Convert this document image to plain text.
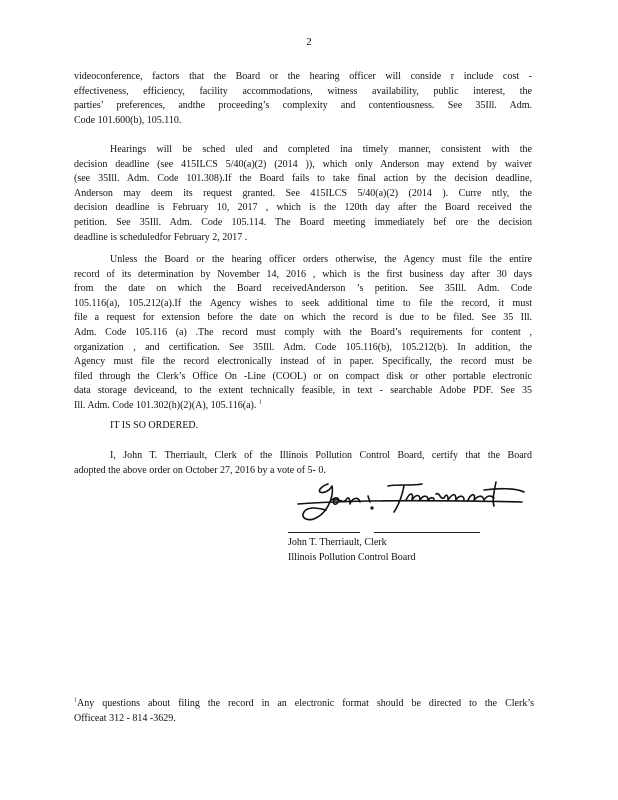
2
videoconference, factors that the Board or the hearing officer will conside r include cost -
effectiveness, efficiency, facility accommodations, witness availability, public interest, the
parties’ preferences, andthe proceeding’s complexity and contentiousness. See 35Ill. Adm.
Code 101.600(b), 105.110.
Hearings will be sched uled and completed ina timely manner, consistent with the
decision deadline (see 415ILCS 5/40(a)(2) (2014 )), which only Anderson may extend by waiver
(see 35Ill. Adm. Code 101.308).If the Board fails to take final action by the decision deadline,
Anderson may deem its request granted. See 415ILCS 5/40(a)(2) (2014 ). Curre ntly, the
decision deadline is February 10, 2017 , which is the 120th day after the Board received the
petition. See 35Ill. Adm. Code 105.114. The Board meeting immediately bef ore the decision
deadline is scheduledfor February 2, 2017 .
Unless the Board or the hearing officer orders otherwise, the Agency must file the entire
record of its determination by November 14, 2016 , which is the first business day after 30 days
from the date on which the Board receivedAnderson ’s petition. See 35Ill. Adm. Code
105.116(a), 105.212(a).If the Agency wishes to seek additional time to file the record, it must
file a request for extension before the date on which the record is due to be filed. See 35 Ill.
Adm. Code 105.116 (a) .The record must comply with the Board’s requirements for content ,
organization , and certification. See 35Ill. Adm. Code 105.116(b), 105.212(b). In addition, the
Agency must file the record electronically instead of in paper. Specifically, the record must be
filed through the Clerk’s Office On -Line (COOL) or on compact disk or other portable electronic
data storage deviceand, to the extent technically feasible, in text - searchable Adobe PDF. See 35
Ill. Adm. Code 101.302(h)(2)(A), 105.116(a). $^1$
IT IS SO ORDERED.
I, John T. Therriault, Clerk of the Illinois Pollution Control Board, certify that the Board
adopted the above order on October 27, 2016 by a vote of 5- 0.
John T. Therriault, Clerk
Illinois Pollution Control Board
$^1$Any questions about filing the record in an electronic format should be directed to the Clerk’s
Officeat 312 - 814 -3629.
